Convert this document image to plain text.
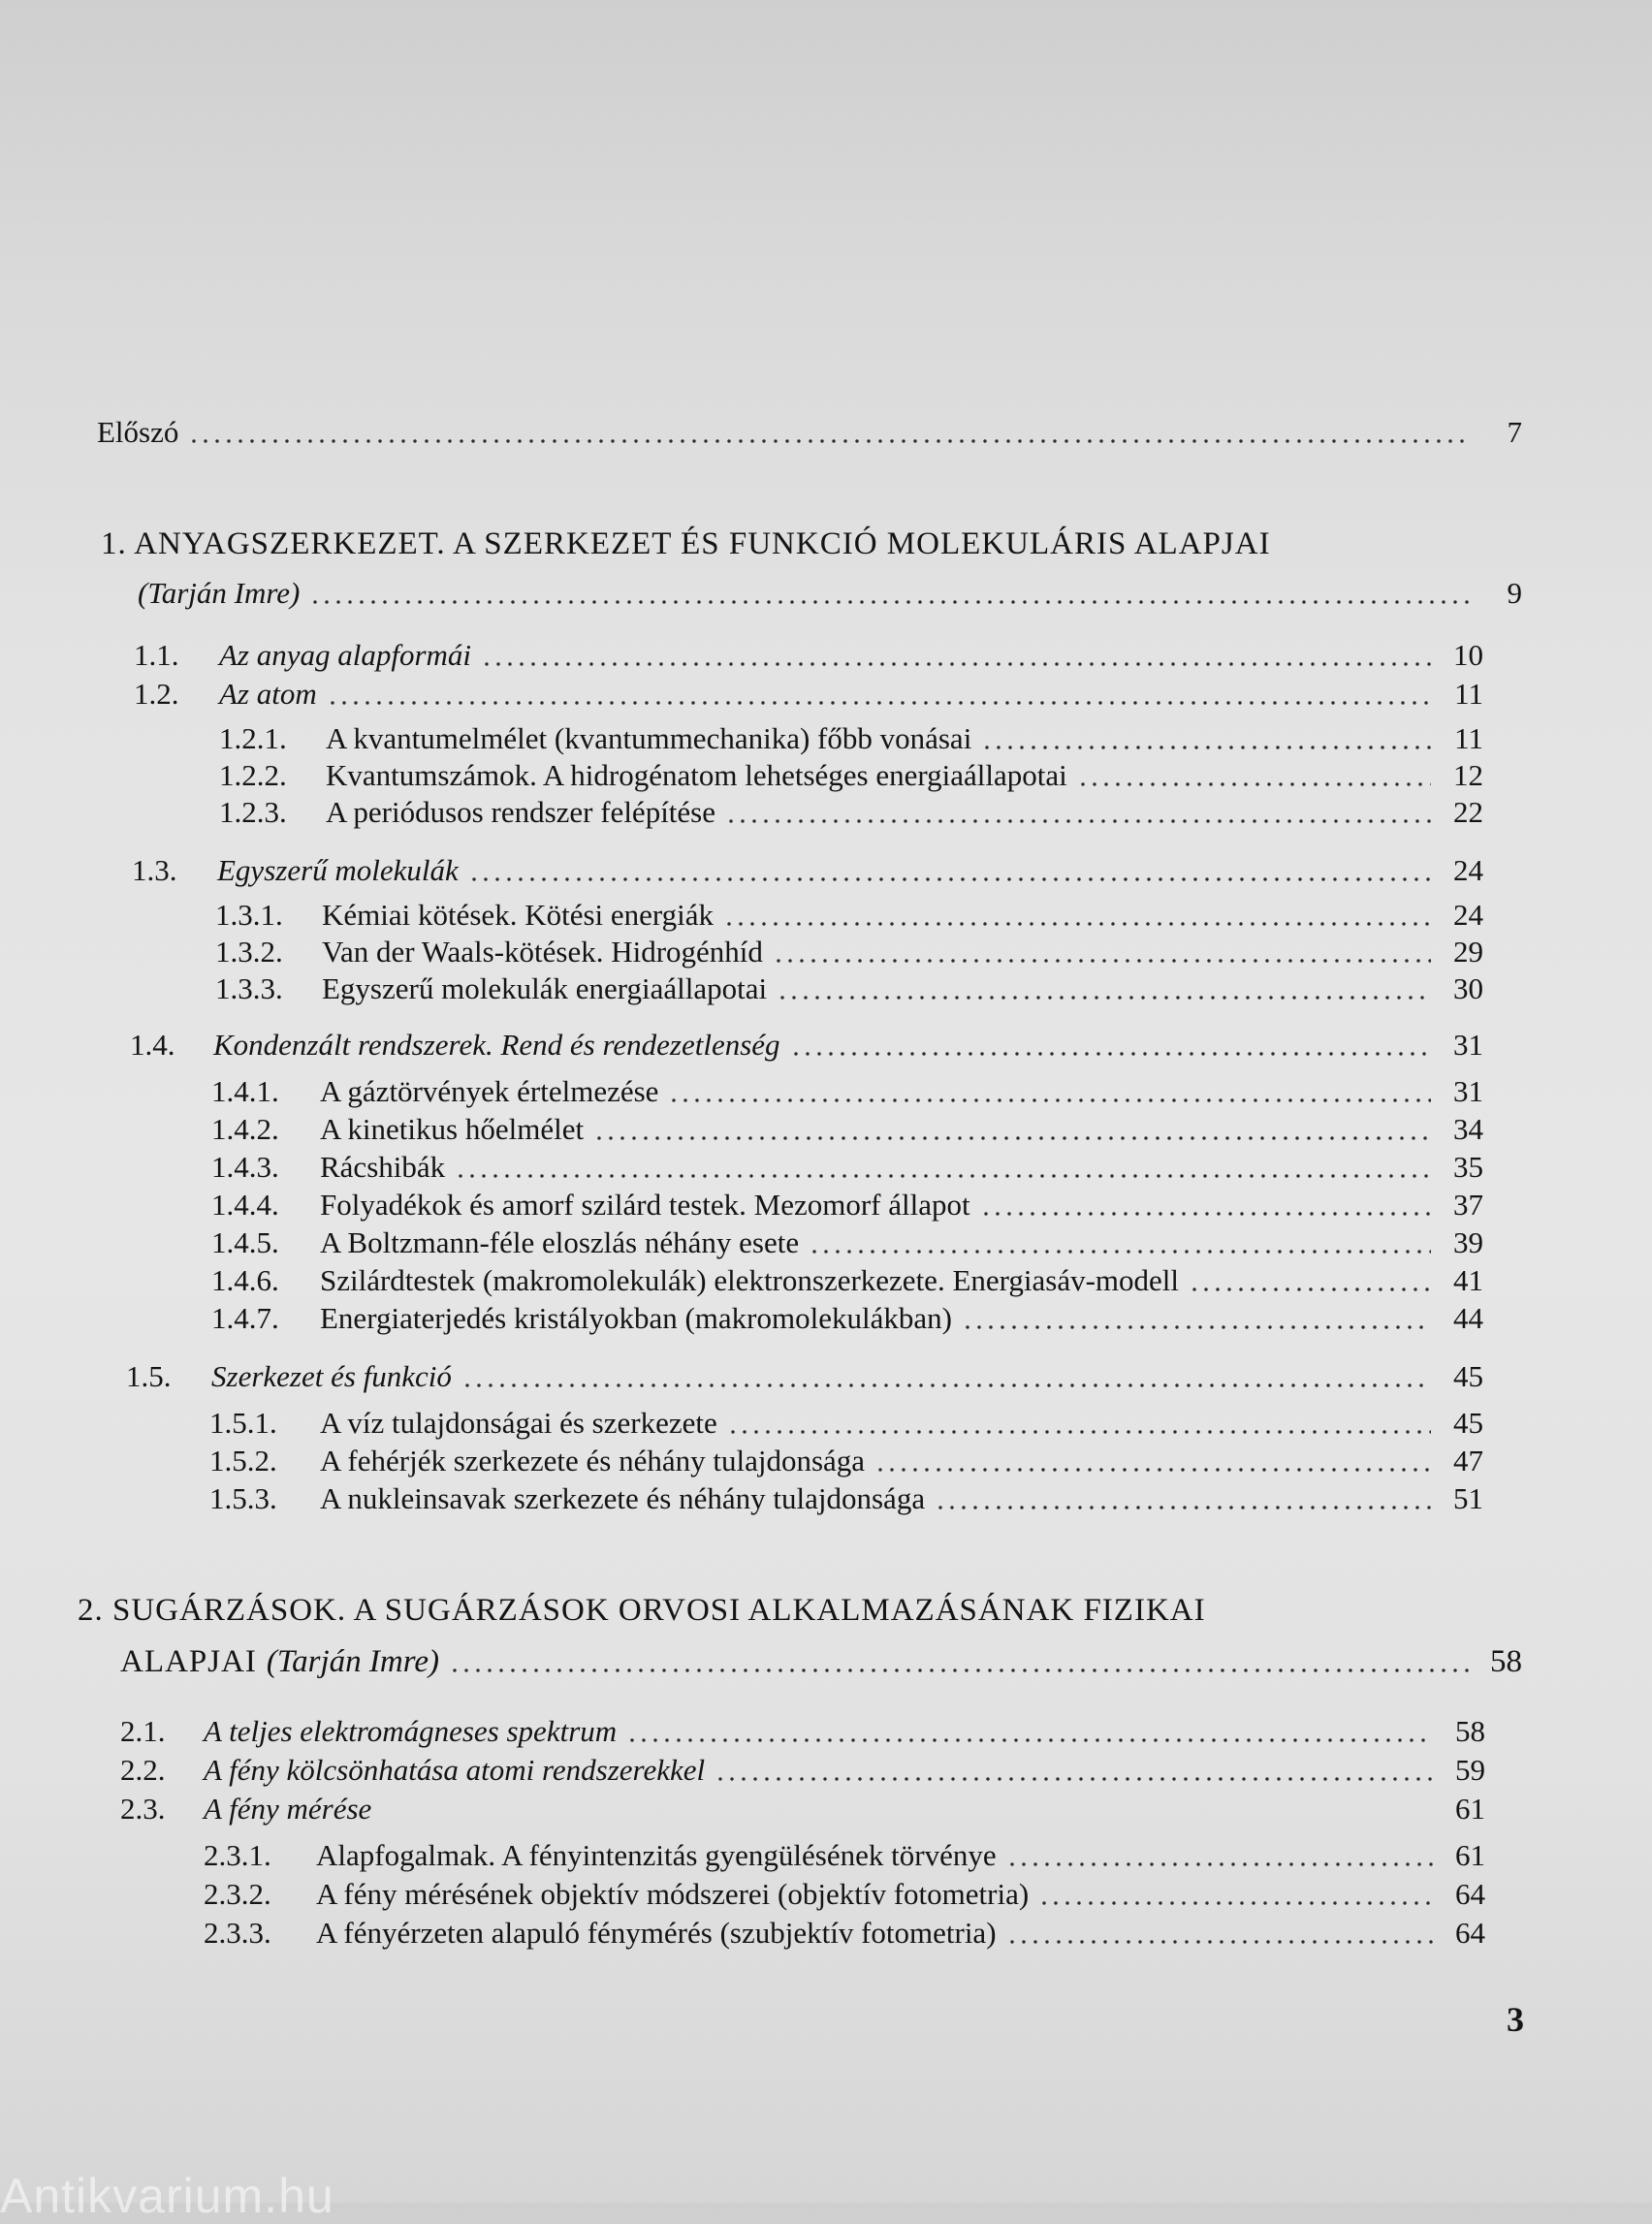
Előszó	7
1. ANYAGSZERKEZET. A SZERKEZET ÉS FUNKCIÓ MOLEKULÁRIS ALAPJAI
(Tarján Imre)	9
1.1.	Az anyag alapformái	10
1.2.	Az atom	11
1.2.1.	A kvantumelmélet (kvantummechanika) főbb vonásai	11
1.2.2.	Kvantumszámok. A hidrogénatom lehetséges energiaállapotai	12
1.2.3.	A periódusos rendszer felépítése	22
1.3.	Egyszerű molekulák	24
1.3.1.	Kémiai kötések. Kötési energiák	24
1.3.2.	Van der Waals-kötések. Hidrogénhíd	29
1.3.3.	Egyszerű molekulák energiaállapotai	30
1.4.	Kondenzált rendszerek. Rend és rendezetlenség	31
1.4.1.	A gáztörvények értelmezése	31
1.4.2.	A kinetikus hőelmélet	34
1.4.3.	Rácshibák	35
1.4.4.	Folyadékok és amorf szilárd testek. Mezomorf állapot	37
1.4.5.	A Boltzmann-féle eloszlás néhány esete	39
1.4.6.	Szilárdtestek (makromolekulák) elektronszerkezete. Energiasáv-modell	41
1.4.7.	Energiaterjedés kristályokban (makromolekulákban)	44
1.5.	Szerkezet és funkció	45
1.5.1.	A víz tulajdonságai és szerkezete	45
1.5.2.	A fehérjék szerkezete és néhány tulajdonsága	47
1.5.3.	A nukleinsavak szerkezete és néhány tulajdonsága	51
2. SUGÁRZÁSOK. A SUGÁRZÁSOK ORVOSI ALKALMAZÁSÁNAK FIZIKAI
ALAPJAI (Tarján Imre)	58
2.1.	A teljes elektromágneses spektrum	58
2.2.	A fény kölcsönhatása atomi rendszerekkel	59
2.3.	A fény mérése	61
2.3.1.	Alapfogalmak. A fényintenzitás gyengülésének törvénye	61
2.3.2.	A fény mérésének objektív módszerei (objektív fotometria)	64
2.3.3.	A fényérzeten alapuló fénymérés (szubjektív fotometria)	64
3
Antikvarium.hu
